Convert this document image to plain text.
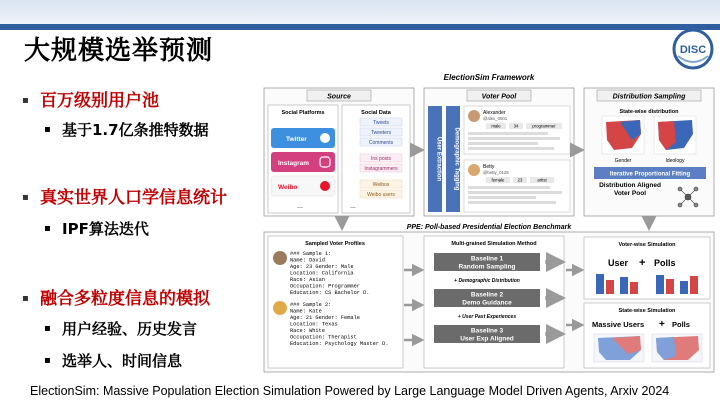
大规模选举预测	DISC
▪ 百万级别用户池
▪ 基于1.7亿条推特数据
▪ 真实世界人口学信息统计
▪ IPF算法迭代
▪ 融合多粒度信息的模拟
▪ 用户经验、历史发言
▪ 选举人、时间信息
ElectionSim Framework
Source
Social Platforms
Twitter
Instagram
Weibo
...
Social Data
Tweets
Tweeters
Comments
Ins posts
Instagrammers
Weibos
Weibo users
...
Voter Pool
User Extraction Demographic Tagging
Alexander
@alex_0001
male	34	programmer
Betty
@betty_0128
female	23	artist
Distribution Sampling
State-wise distribution
Gender	Ideology
Iterative Proportional Fitting
Distribution Aligned Voter Pool
PPE: Poll-based Presidential Election Benchmark
Sampled Voter Profiles
### Sample 1:
Name: David
Age: 23 Gender: Male
Location: California
Race: Asian
Occupation: Programmer
Education: CS Bachelor D.
### Sample 2:
Name: Kate
Age: 21 Gender: Female
Location: Texas
Race: White
Occupation: Therapist
Education: Psychology Master D.
Multi-grained Simulation Method
Baseline 1
Random Sampling
+ Demographic Distribution
Baseline 2
Demo Guidance
+ User Past Experiences
Baseline 3
User Exp Aligned
Voter-wise Simulation
User + Polls
State-wise Simulation
Massive Users + Polls
ElectionSim: Massive Population Election Simulation Powered by Large Language Model Driven Agents, Arxiv 2024
